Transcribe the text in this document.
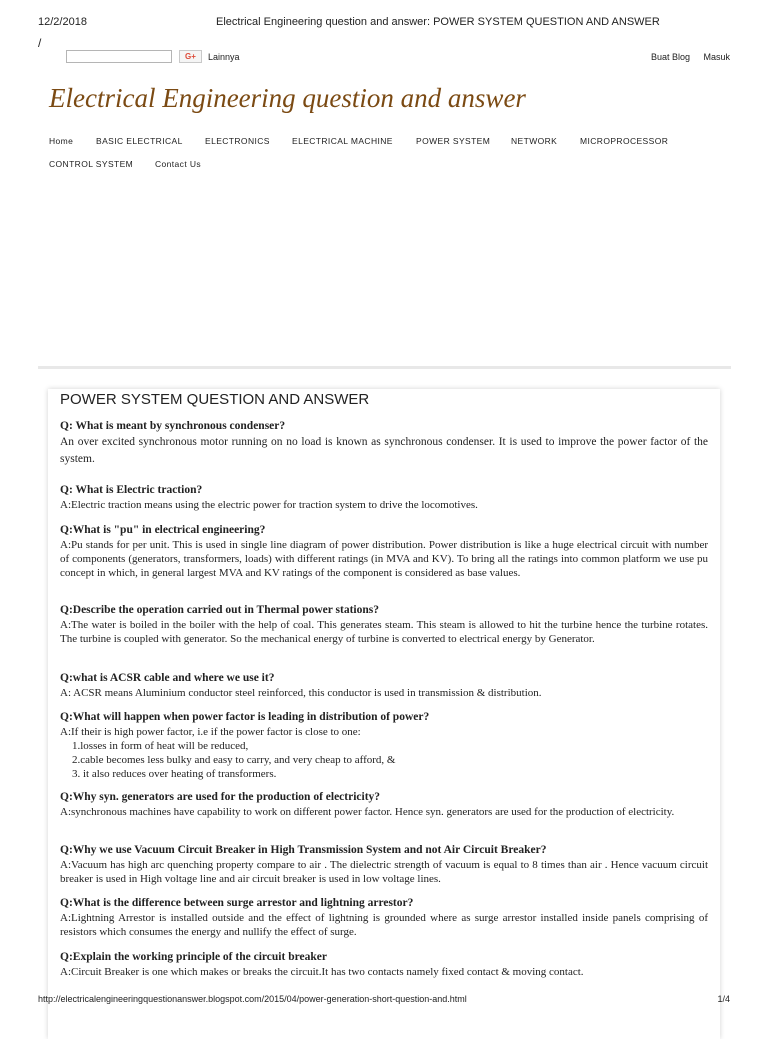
12/2/2018	Electrical Engineering question and answer: POWER SYSTEM QUESTION AND ANSWER
/
G+	Lainnya	Buat Blog Masuk
Electrical Engineering question and answer
Home	BASIC ELECTRICAL	ELECTRONICS	ELECTRICAL MACHINE	POWER SYSTEM NETWORK	MICROPROCESSOR
CONTROL SYSTEM	Contact Us
POWER SYSTEM QUESTION AND ANSWER
Q: What is meant by synchronous condenser?
An over excited synchronous motor running on no load is known as synchronous condenser. It is used to improve the power factor of the system.
Q: What is Electric traction?
A:Electric traction means using the electric power for traction system to drive the locomotives.
Q:What is "pu" in electrical engineering?
A:Pu stands for per unit. This is used in single line diagram of power distribution. Power distribution is like a huge electrical circuit with number of components (generators, transformers, loads) with different ratings (in MVA and KV). To bring all the ratings into common platform we use pu concept in which, in general largest MVA and KV ratings of the component is considered as base values.
Q:Describe the operation carried out in Thermal power stations?
A:The water is boiled in the boiler with the help of coal. This generates steam. This steam is allowed to hit the turbine hence the turbine rotates. The turbine is coupled with generator. So the mechanical energy of turbine is converted to electrical energy by Generator.
Q:what is ACSR cable and where we use it?
A: ACSR means Aluminium conductor steel reinforced, this conductor is used in transmission & distribution.
Q:What will happen when power factor is leading in distribution of power?
A:If their is high power factor, i.e if the power factor is close to one:
1.losses in form of heat will be reduced,
2.cable becomes less bulky and easy to carry, and very cheap to afford, &
3. it also reduces over heating of transformers.
Q:Why syn. generators are used for the production of electricity?
A:synchronous machines have capability to work on different power factor. Hence syn. generators are used for the production of electricity.
Q:Why we use Vacuum Circuit Breaker in High Transmission System and not Air Circuit Breaker?
A:Vacuum has high arc quenching property compare to air . The dielectric strength of vacuum is equal to 8 times than air . Hence vacuum circuit breaker is used in High voltage line and air circuit breaker is used in low voltage lines.
Q:What is the difference between surge arrestor and lightning arrestor?
A:Lightning Arrestor is installed outside and the effect of lightning is grounded where as surge arrestor installed inside panels comprising of resistors which consumes the energy and nullify the effect of surge.
Q:Explain the working principle of the circuit breaker
A:Circuit Breaker is one which makes or breaks the circuit.It has two contacts namely fixed contact & moving contact.
http://electricalengineeringquestionanswer.blogspot.com/2015/04/power-generation-short-question-and.html	1/4
